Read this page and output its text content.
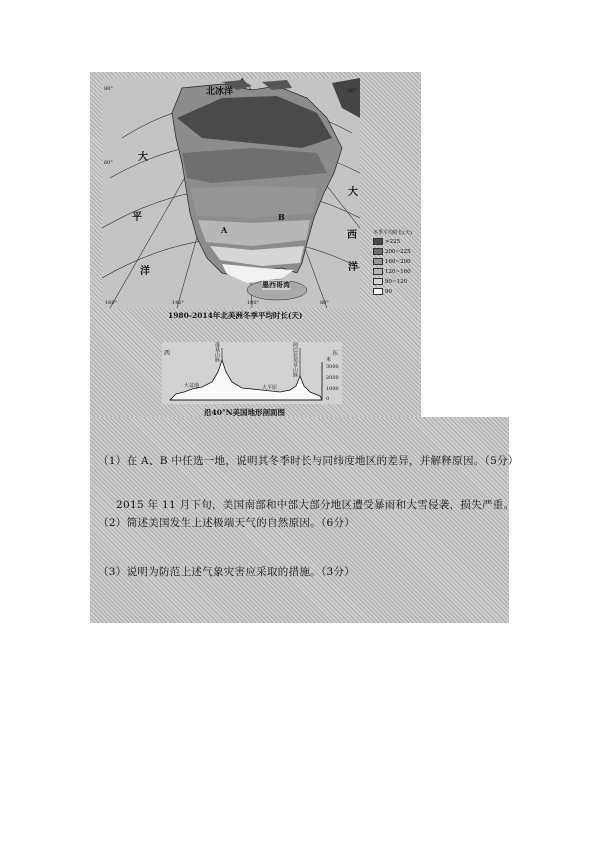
北冰洋
大
平
洋
大
西
洋
墨西哥湾
A
B
60°
80°	20°
160°	140°	100°	80°
冬季平均时长(天)
>225
200~225
160~200
120~160
90~120
90
1980-2014年北美洲冬季平均时长(天)
西	东
落基山脉	阿巴拉契亚山脉
大盆地	大平原
米
3000
2000
1000
0
沿40°N美国地形剖面图
（1）在 A、B 中任选一地，说明其冬季时长与同纬度地区的差异，并解释原因。（5分）
2015 年 11 月下旬，美国南部和中部大部分地区遭受暴雨和大雪侵袭，损失严重。
（2）简述美国发生上述极端天气的自然原因。（6分）
（3）说明为防范上述气象灾害应采取的措施。（3分）
